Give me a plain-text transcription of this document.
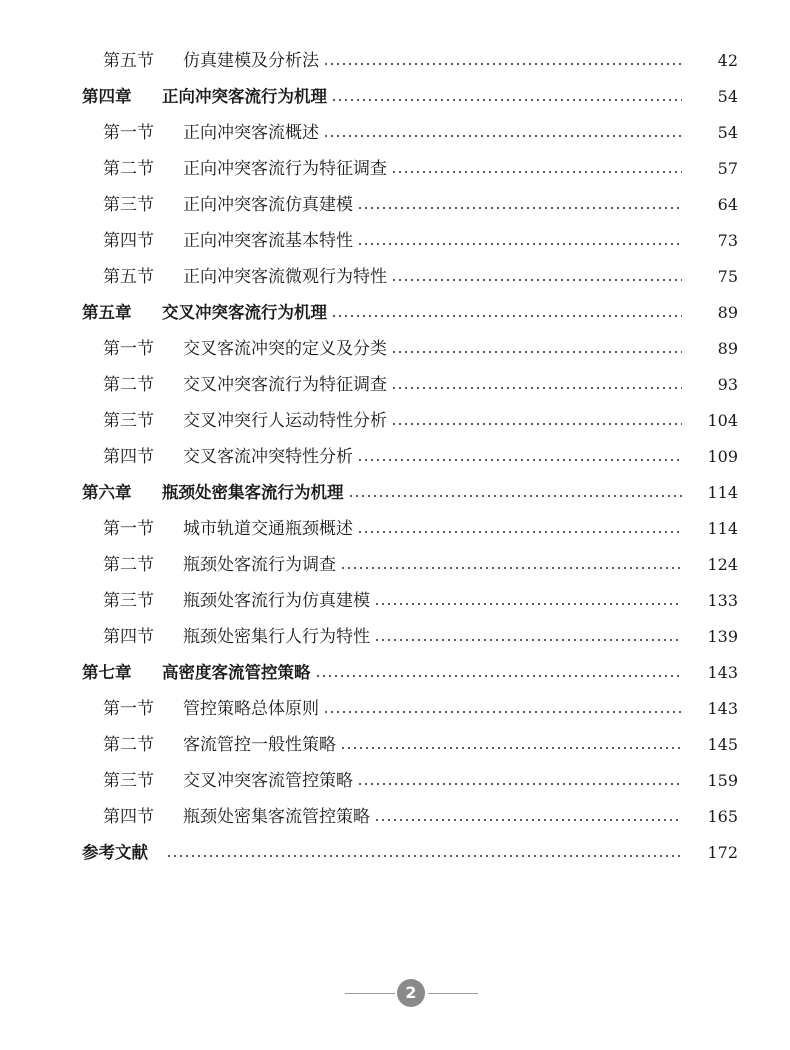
第五节	仿真建模及分析法	42
第四章	正向冲突客流行为机理	54
第一节	正向冲突客流概述	54
第二节	正向冲突客流行为特征调查	57
第三节	正向冲突客流仿真建模	64
第四节	正向冲突客流基本特性	73
第五节	正向冲突客流微观行为特性	75
第五章	交叉冲突客流行为机理	89
第一节	交叉客流冲突的定义及分类	89
第二节	交叉冲突客流行为特征调查	93
第三节	交叉冲突行人运动特性分析	104
第四节	交叉客流冲突特性分析	109
第六章	瓶颈处密集客流行为机理	114
第一节	城市轨道交通瓶颈概述	114
第二节	瓶颈处客流行为调查	124
第三节	瓶颈处客流行为仿真建模	133
第四节	瓶颈处密集行人行为特性	139
第七章	高密度客流管控策略	143
第一节	管控策略总体原则	143
第二节	客流管控一般性策略	145
第三节	交叉冲突客流管控策略	159
第四节	瓶颈处密集客流管控策略	165
参考文献	172
2
